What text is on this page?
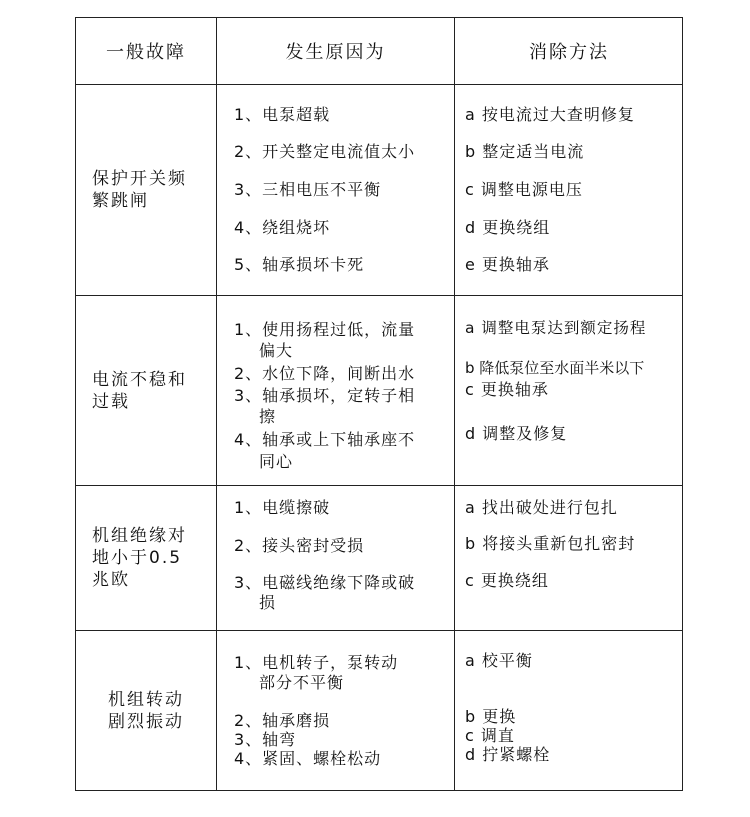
一般故障	发生原因为	消除方法
保护开关频
繁跳闸
1、电泵超载
2、开关整定电流值太小
3、三相电压不平衡
4、绕组烧坏
5、轴承损坏卡死
a 按电流过大查明修复
b 整定适当电流
c 调整电源电压
d 更换绕组
e 更换轴承
电流不稳和
过载
1、使用扬程过低，流量
偏大
2、水位下降，间断出水
3、轴承损坏，定转子相
擦
4、轴承或上下轴承座不
同心
a 调整电泵达到额定扬程
b 降低泵位至水面半米以下
c 更换轴承
d 调整及修复
机组绝缘对
地小于0.5
兆欧
1、电缆擦破
2、接头密封受损
3、电磁线绝缘下降或破
损
a 找出破处进行包扎
b 将接头重新包扎密封
c 更换绕组
机组转动
剧烈振动
1、电机转子，泵转动
部分不平衡
2、轴承磨损
3、轴弯
4、紧固、螺栓松动
a 校平衡
b 更换
c 调直
d 拧紧螺栓
